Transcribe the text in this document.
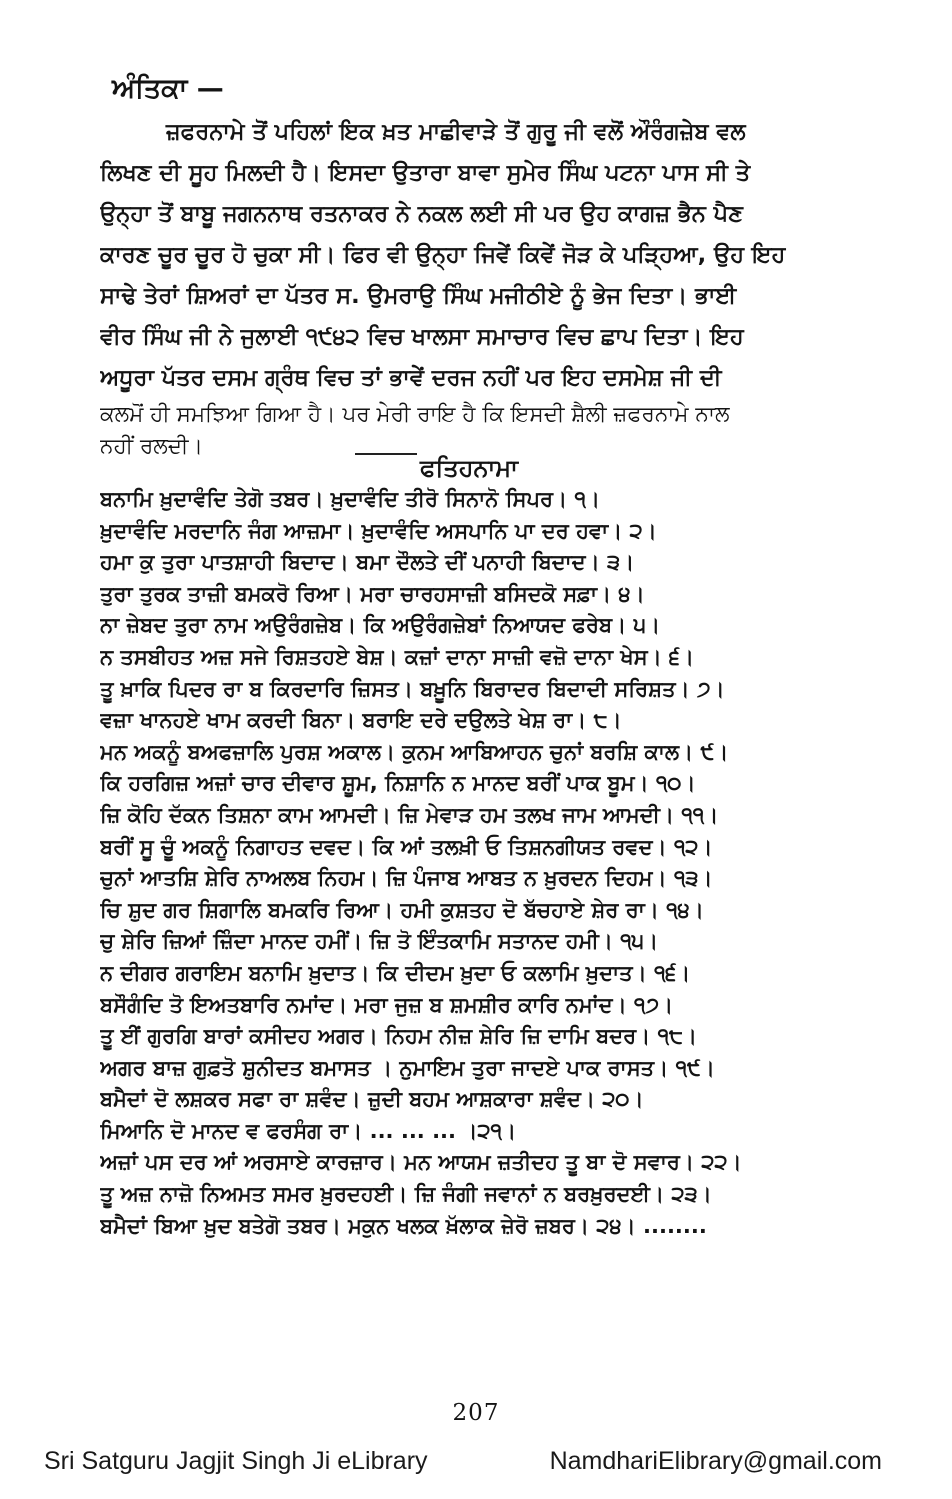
ਅੰਤਿਕਾ —
ਜ਼ਫਰਨਾਮੇ ਤੋਂ ਪਹਿਲਾਂ ਇਕ ਖ਼ਤ ਮਾਛੀਵਾੜੇ ਤੋਂ ਗੁਰੂ ਜੀ ਵਲੋਂ ਔਰੰਗਜ਼ੇਬ ਵਲ
ਲਿਖਣ ਦੀ ਸੂਹ ਮਿਲਦੀ ਹੈ। ਇਸਦਾ ਉਤਾਰਾ ਬਾਵਾ ਸੁਮੇਰ ਸਿੰਘ ਪਟਨਾ ਪਾਸ ਸੀ ਤੇ
ਉਨ੍ਹਾ ਤੋਂ ਬਾਬੂ ਜਗਨਨਾਥ ਰਤਨਾਕਰ ਨੇ ਨਕਲ ਲਈ ਸੀ ਪਰ ਉਹ ਕਾਗਜ਼ ਭੈਨ ਪੈਣ
ਕਾਰਣ ਚੂਰ ਚੂਰ ਹੋ ਚੁਕਾ ਸੀ। ਫਿਰ ਵੀ ਉਨ੍ਹਾ ਜਿਵੇਂ ਕਿਵੇਂ ਜੋੜ ਕੇ ਪੜ੍ਹਿਆ, ਉਹ ਇਹ
ਸਾਢੇ ਤੇਰਾਂ ਸ਼ਿਅਰਾਂ ਦਾ ਪੱਤਰ ਸ. ਉਮਰਾਉ ਸਿੰਘ ਮਜੀਠੀਏ ਨੂੰ ਭੇਜ ਦਿਤਾ। ਭਾਈ
ਵੀਰ ਸਿੰਘ ਜੀ ਨੇ ਜੁਲਾਈ ੧੯੪੨ ਵਿਚ ਖਾਲਸਾ ਸਮਾਚਾਰ ਵਿਚ ਛਾਪ ਦਿਤਾ। ਇਹ
ਅਧੂਰਾ ਪੱਤਰ ਦਸਮ ਗ੍ਰੰਥ ਵਿਚ ਤਾਂ ਭਾਵੇਂ ਦਰਜ ਨਹੀਂ ਪਰ ਇਹ ਦਸਮੇਸ਼ ਜੀ ਦੀ
ਕਲਮੋਂ ਹੀ ਸਮਝਿਆ ਗਿਆ ਹੈ। ਪਰ ਮੇਰੀ ਰਾਇ ਹੈ ਕਿ ਇਸਦੀ ਸ਼ੈਲੀ ਜ਼ਫਰਨਾਮੇ ਨਾਲ
ਨਹੀਂ ਰਲਦੀ।
ਫਤਿਹਨਾਮਾ
ਬਨਾਮਿ ਖ਼ੁਦਾਵੰਦਿ ਤੇਗੋ ਤਬਰ। ਖ਼ੁਦਾਵੰਦਿ ਤੀਰੋ ਸਿਨਾਨੋ ਸਿਪਰ। ੧।
ਖ਼ੁਦਾਵੰਦਿ ਮਰਦਾਨਿ ਜੰਗ ਆਜ਼ਮਾ। ਖ਼ੁਦਾਵੰਦਿ ਅਸਪਾਨਿ ਪਾ ਦਰ ਹਵਾ। ੨।
ਹਮਾ ਕੁ ਤੁਰਾ ਪਾਤਸ਼ਾਹੀ ਬਿਦਾਦ। ਬਮਾ ਦੌਲਤੇ ਦੀਂ ਪਨਾਹੀ ਬਿਦਾਦ। ੩।
ਤੁਰਾ ਤੁਰਕ ਤਾਜ਼ੀ ਬਮਕਰੋ ਰਿਆ। ਮਰਾ ਚਾਰਹਸਾਜ਼ੀ ਬਸਿਦਕੋ ਸਫ਼ਾ। ੪।
ਨਾ ਜ਼ੇਬਦ ਤੁਰਾ ਨਾਮ ਅਉਰੰਗਜ਼ੇਬ। ਕਿ ਅਉਰੰਗਜ਼ੇਬਾਂ ਨਿਆਯਦ ਫਰੇਬ। ੫।
ਨ ਤਸਬੀਹਤ ਅਜ਼ ਸਜੇ ਰਿਸ਼ਤਹਏ ਬੇਸ਼। ਕਜ਼ਾਂ ਦਾਨਾ ਸਾਜ਼ੀ ਵਜ਼ੋ ਦਾਨਾ ਖੇਸ। ੬।
ਤੂ ਖ਼ਾਕਿ ਪਿਦਰ ਰਾ ਬ ਕਿਰਦਾਰਿ ਜ਼ਿਸਤ। ਬਖ਼ੂਨਿ ਬਿਰਾਦਰ ਬਿਦਾਦੀ ਸਰਿਸ਼ਤ। ੭।
ਵਜ਼ਾ ਖਾਨਹਏ ਖਾਮ ਕਰਦੀ ਬਿਨਾ। ਬਰਾਇ ਦਰੇ ਦਉਲਤੇ ਖੇਸ਼ ਰਾ। ੮।
ਮਨ ਅਕਨੂੰ ਬਅਫਜ਼ਾਲਿ ਪੁਰਸ਼ ਅਕਾਲ। ਕੁਨਮ ਆਬਿਆਹਨ ਚੁਨਾਂ ਬਰਸ਼ਿ ਕਾਲ। ੯।
ਕਿ ਹਰਗਿਜ਼ ਅਜ਼ਾਂ ਚਾਰ ਦੀਵਾਰ ਸ਼ੂਮ, ਨਿਸ਼ਾਨਿ ਨ ਮਾਨਦ ਬਰੀਂ ਪਾਕ ਬੂਮ। ੧੦।
ਜ਼ਿ ਕੋਹਿ ਦੱਕਨ ਤਿਸ਼ਨਾ ਕਾਮ ਆਮਦੀ। ਜ਼ਿ ਮੇਵਾੜ ਹਮ ਤਲਖ ਜਾਮ ਆਮਦੀ। ੧੧।
ਬਰੀਂ ਸੂ ਚੂੰ ਅਕਨੂੰ ਨਿਗਾਹਤ ਦਵਦ। ਕਿ ਆਂ ਤਲਖ਼ੀ ਓ ਤਿਸ਼ਨਗੀਯਤ ਰਵਦ। ੧੨।
ਚੁਨਾਂ ਆਤਸ਼ਿ ਸ਼ੇਰਿ ਨਾਅਲਬ ਨਿਹਮ। ਜ਼ਿ ਪੰਜਾਬ ਆਬਤ ਨ ਖ਼ੁਰਦਨ ਦਿਹਮ। ੧੩।
ਚਿ ਸ਼ੁਦ ਗਰ ਸ਼ਿਗਾਲਿ ਬਮਕਰਿ ਰਿਆ। ਹਮੀ ਕੁਸ਼ਤਹ ਦੋ ਬੱਚਹਾਏ ਸ਼ੇਰ ਰਾ। ੧੪।
ਚੁ ਸ਼ੇਰਿ ਜ਼ਿਆਂ ਜ਼ਿੰਦਾ ਮਾਨਦ ਹਮੀਂ। ਜ਼ਿ ਤੋ ਇੰਤਕਾਮਿ ਸਤਾਨਦ ਹਮੀ। ੧੫।
ਨ ਦੀਗਰ ਗਰਾਇਮ ਬਨਾਮਿ ਖ਼ੁਦਾਤ। ਕਿ ਦੀਦਮ ਖ਼ੁਦਾ ਓ ਕਲਾਮਿ ਖ਼ੁਦਾਤ। ੧੬।
ਬਸੌਗੰਦਿ ਤੋ ਇਅਤਬਾਰਿ ਨਮਾਂਦ। ਮਰਾ ਜੁਜ਼ ਬ ਸ਼ਮਸ਼ੀਰ ਕਾਰਿ ਨਮਾਂਦ। ੧੭।
ਤੂ ਈਂ ਗੁਰਗਿ ਬਾਰਾਂ ਕਸੀਦਹ ਅਗਰ। ਨਿਹਮ ਨੀਜ਼ ਸ਼ੇਰਿ ਜ਼ਿ ਦਾਮਿ ਬਦਰ। ੧੮।
ਅਗਰ ਬਾਜ਼ ਗੁਫ਼ਤੋ ਸ਼ੁਨੀਦਤ ਬਮਾਸਤ । ਨੁਮਾਇਮ ਤੁਰਾ ਜਾਦਏ ਪਾਕ ਰਾਸਤ। ੧੯।
ਬਮੈਦਾਂ ਦੋ ਲਸ਼ਕਰ ਸਫਾ ਰਾ ਸ਼ਵੰਦ। ਜ਼ੁਦੀ ਬਹਮ ਆਸ਼ਕਾਰਾ ਸ਼ਵੰਦ। ੨੦।
ਮਿਆਨਿ ਦੋ ਮਾਨਦ ਵ ਫਰਸੰਗ ਰਾ। ... ... ... ।੨੧।
ਅਜ਼ਾਂ ਪਸ ਦਰ ਆਂ ਅਰਸਾਏ ਕਾਰਜ਼ਾਰ। ਮਨ ਆਯਮ ਜ਼ਤੀਦਹ ਤੂ ਬਾ ਦੋ ਸਵਾਰ। ੨੨।
ਤੂ ਅਜ਼ ਨਾਜ਼ੋ ਨਿਅਮਤ ਸਮਰ ਖ਼ੁਰਦਹਈ। ਜ਼ਿ ਜੰਗੀ ਜਵਾਨਾਂ ਨ ਬਰਖ਼ੁਰਦਈ। ੨੩।
ਬਮੈਦਾਂ ਬਿਆ ਖ਼ੁਦ ਬਤੇਗੋ ਤਬਰ। ਮਕੁਨ ਖਲਕ ਖ਼ੱਲਾਕ ਜ਼ੇਰੋ ਜ਼ਬਰ। ੨੪। ........
207
Sri Satguru Jagjit Singh Ji eLibrary	NamdhariElibrary@gmail.com
